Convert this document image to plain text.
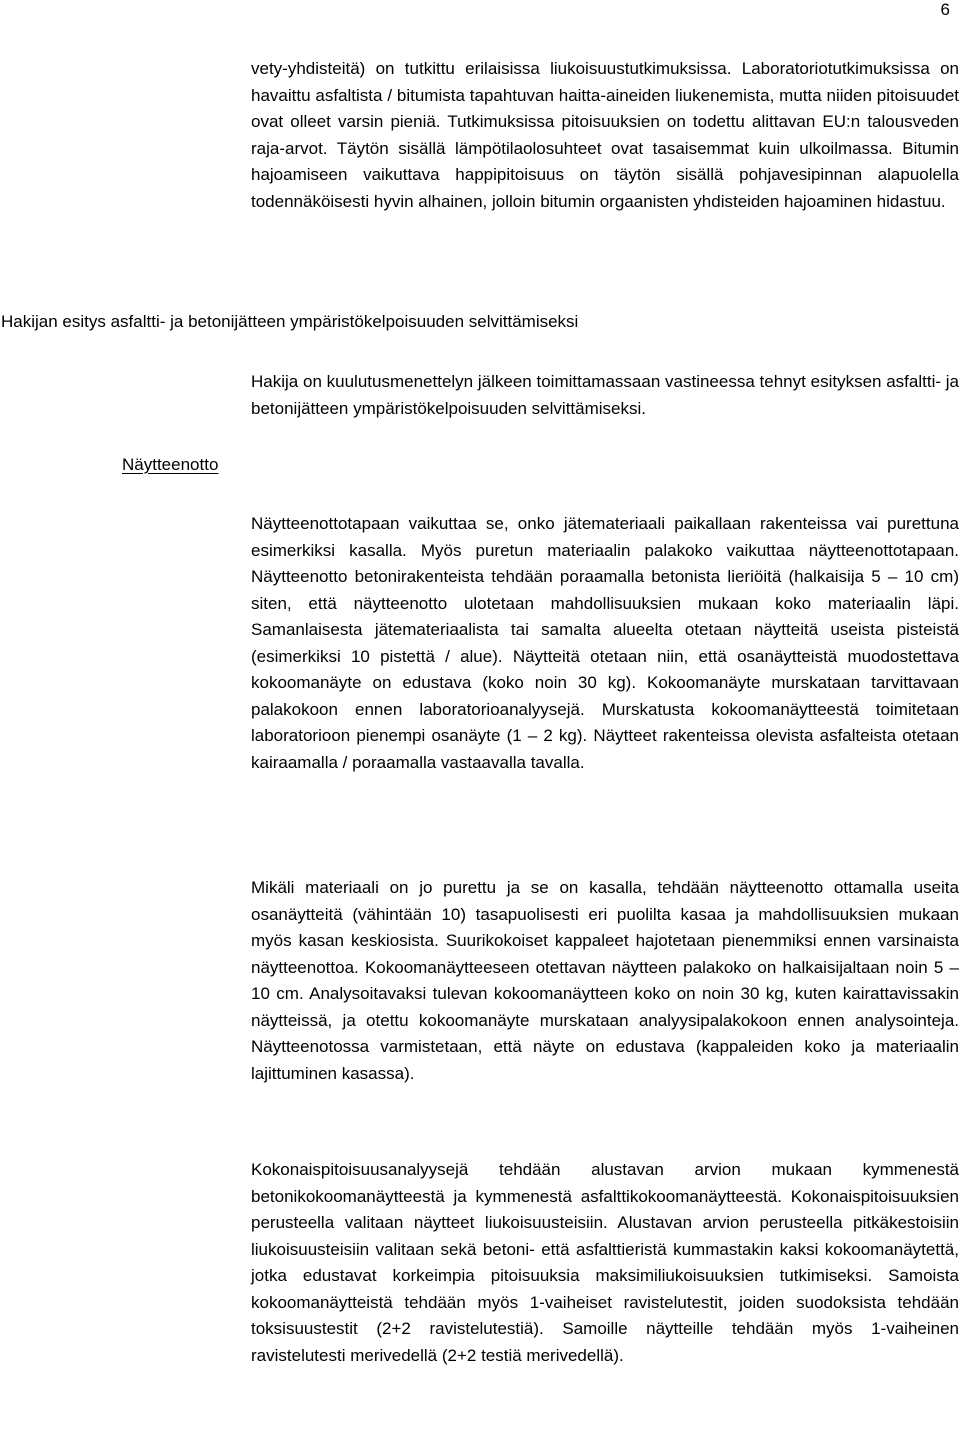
6

vety-yhdisteitä) on tutkittu erilaisissa liukoisuustutkimuksissa. Laboratoriotutkimuksissa on havaittu asfaltista / bitumista tapahtuvan haitta-aineiden liukenemista, mutta niiden pitoisuudet ovat olleet varsin pieniä. Tutkimuksissa pitoisuuksien on todettu alittavan EU:n talousveden raja-arvot. Täytön sisällä lämpötilaolosuhteet ovat tasaisemmat kuin ulkoilmassa. Bitumin hajoamiseen vaikuttava happipitoisuus on täytön sisällä pohjavesipinnan alapuolella todennäköisesti hyvin alhainen, jolloin bitumin orgaanisten yhdisteiden hajoaminen hidastuu.

Hakijan esitys asfaltti- ja betonijätteen ympäristökelpoisuuden selvittämiseksi

Hakija on kuulutusmenettelyn jälkeen toimittamassaan vastineessa tehnyt esityksen asfaltti- ja betonijätteen ympäristökelpoisuuden selvittämiseksi.

Näytteenotto

Näytteenottotapaan vaikuttaa se, onko jätemateriaali paikallaan rakenteissa vai purettuna esimerkiksi kasalla. Myös puretun materiaalin palakoko vaikuttaa näytteenottotapaan. Näytteenotto betonirakenteista tehdään poraamalla betonista lieriöitä (halkaisija 5 – 10 cm) siten, että näytteenotto ulotetaan mahdollisuuksien mukaan koko materiaalin läpi. Samanlaisesta jätemateriaalista tai samalta alueelta otetaan näytteitä useista pisteistä (esimerkiksi 10 pistettä / alue). Näytteitä otetaan niin, että osanäytteistä muodostettava kokoomanäyte on edustava (koko noin 30 kg). Kokoomanäyte murskataan tarvittavaan palakokoon ennen laboratorioanalyysejä. Murskatusta kokoomanäytteestä toimitetaan laboratorioon pienempi osanäyte (1 – 2 kg). Näytteet rakenteissa olevista asfalteista otetaan kairaamalla / poraamalla vastaavalla tavalla.

Mikäli materiaali on jo purettu ja se on kasalla, tehdään näytteenotto ottamalla useita osanäytteitä (vähintään 10) tasapuolisesti eri puolilta kasaa ja mahdollisuuksien mukaan myös kasan keskiosista. Suurikokoiset kappaleet hajotetaan pienemmiksi ennen varsinaista näytteenottoa. Kokoomanäytteeseen otettavan näytteen palakoko on halkaisijaltaan noin 5 – 10 cm. Analysoitavaksi tulevan kokoomanäytteen koko on noin 30 kg, kuten kairattavissakin näytteissä, ja otettu kokoomanäyte murskataan analyysipalakokoon ennen analysointeja. Näytteenotossa varmistetaan, että näyte on edustava (kappaleiden koko ja materiaalin lajittuminen kasassa).

Kokonaispitoisuusanalyysejä tehdään alustavan arvion mukaan kymmenestä betonikokoomanäytteestä ja kymmenestä asfalttikokoomanäytteestä. Kokonaispitoisuuksien perusteella valitaan näytteet liukoisuusteisiin. Alustavan arvion perusteella pitkäkestoisiin liukoisuusteisiin valitaan sekä betoni- että asfalttieristä kummastakin kaksi kokoomanäytettä, jotka edustavat korkeimpia pitoisuuksia maksimiliukoisuuksien tutkimiseksi. Samoista kokoomanäytteistä tehdään myös 1-vaiheiset ravistelutestit, joiden suodoksista tehdään toksisuustestit (2+2 ravistelutestiä). Samoille näytteille tehdään myös 1-vaiheinen ravistelutesti merivedellä (2+2 testiä merivedellä).
